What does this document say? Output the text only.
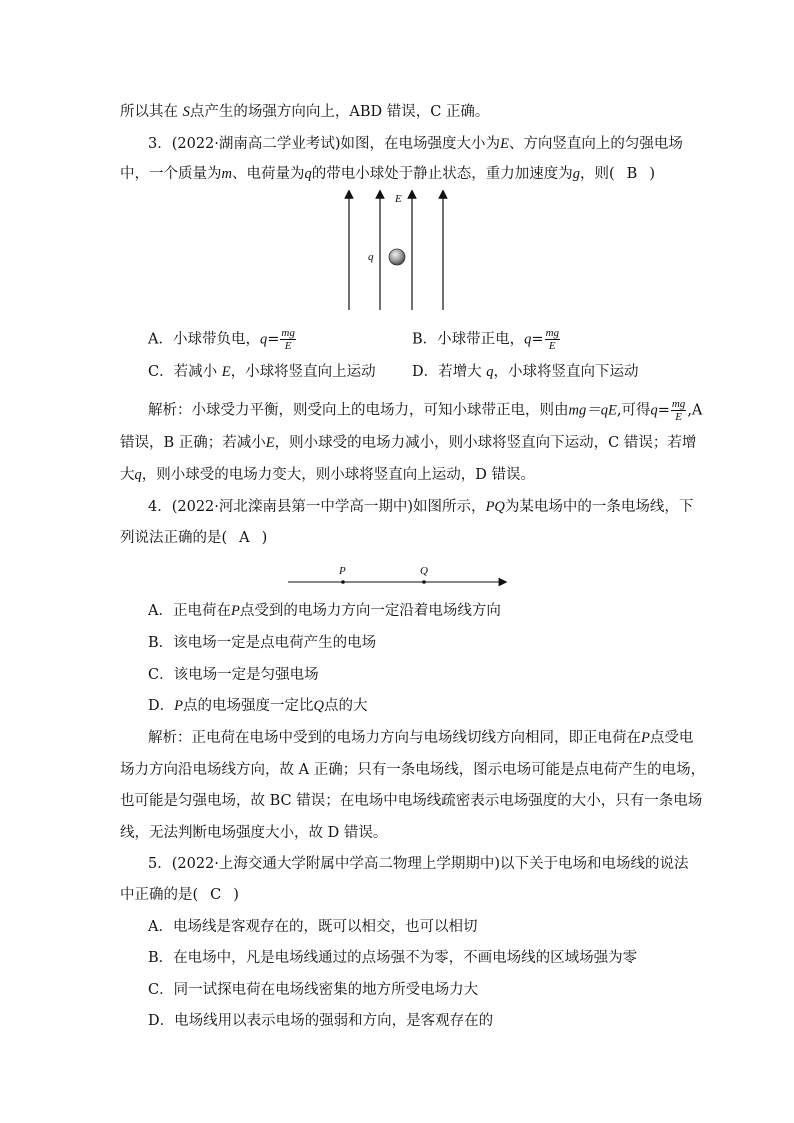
所以其在 S点产生的场强方向向上，ABD 错误，C 正确。
3．(2022·湖南高二学业考试)如图，在电场强度大小为E、方向竖直向上的匀强电场
中，一个质量为m、电荷量为q的带电小球处于静止状态，重力加速度为g，则( B )
E
q
A．小球带负电，$q= \frac{mg}{E}$	B．小球带正电，$q= \frac{mg}{E}$
C．若减小 E，小球将竖直向上运动	D．若增大 q，小球将竖直向下运动
解析：小球受力平衡，则受向上的电场力，可知小球带正电，则由mg＝qE,可得$q= \frac{mg}{E} ,A$
错误，B 正确；若减小E，则小球受的电场力减小，则小球将竖直向下运动，C 错误；若增
大q，则小球受的电场力变大，则小球将竖直向上运动，D 错误。
4．(2022·河北滦南县第一中学高一期中)如图所示，PQ为某电场中的一条电场线，下
列说法正确的是( A )
P	Q
A．正电荷在P点受到的电场力方向一定沿着电场线方向
B．该电场一定是点电荷产生的电场
C．该电场一定是匀强电场
D．P点的电场强度一定比Q点的大
解析：正电荷在电场中受到的电场力方向与电场线切线方向相同，即正电荷在P点受电
场力方向沿电场线方向，故 A 正确；只有一条电场线，图示电场可能是点电荷产生的电场，
也可能是匀强电场，故 BC 错误；在电场中电场线疏密表示电场强度的大小，只有一条电场
线，无法判断电场强度大小，故 D 错误。
5．(2022·上海交通大学附属中学高二物理上学期期中)以下关于电场和电场线的说法
中正确的是( C )
A．电场线是客观存在的，既可以相交，也可以相切
B．在电场中，凡是电场线通过的点场强不为零，不画电场线的区域场强为零
C．同一试探电荷在电场线密集的地方所受电场力大
D．电场线用以表示电场的强弱和方向，是客观存在的
